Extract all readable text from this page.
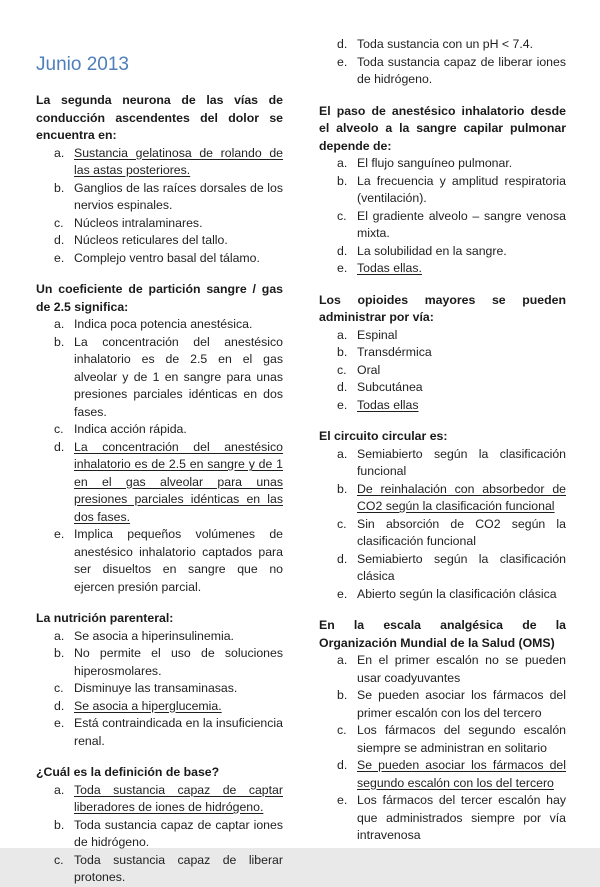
Junio 2013

La segunda neurona de las vías de conducción ascendentes del dolor se encuentra en:

a. Sustancia gelatinosa de rolando de las astas posteriores.
b. Ganglios de las raíces dorsales de los nervios espinales.
c. Núcleos intralaminares.
d. Núcleos reticulares del tallo.
e. Complejo ventro basal del tálamo.

Un coeficiente de partición sangre / gas de 2.5 significa:

a. Indica poca potencia anestésica.
b. La concentración del anestésico inhalatorio es de 2.5 en el gas alveolar y de 1 en sangre para unas presiones parciales idénticas en dos fases.
c. Indica acción rápida.
d. La concentración del anestésico inhalatorio es de 2.5 en sangre y de 1 en el gas alveolar para unas presiones parciales idénticas en las dos fases.
e. Implica pequeños volúmenes de anestésico inhalatorio captados para ser disueltos en sangre que no ejercen presión parcial.

La nutrición parenteral:

a. Se asocia a hiperinsulinemia.
b. No permite el uso de soluciones hiperosmolares.
c. Disminuye las transaminasas.
d. Se asocia a hiperglucemia.
e. Está contraindicada en la insuficiencia renal.

¿Cuál es la definición de base?

a. Toda sustancia capaz de captar liberadores de iones de hidrógeno.
b. Toda sustancia capaz de captar iones de hidrógeno.
c. Toda sustancia capaz de liberar protones.
d. Toda sustancia con un pH < 7.4.
e. Toda sustancia capaz de liberar iones de hidrógeno.

El paso de anestésico inhalatorio desde el alveolo a la sangre capilar pulmonar depende de:

a. El flujo sanguíneo pulmonar.
b. La frecuencia y amplitud respiratoria (ventilación).
c. El gradiente alveolo – sangre venosa mixta.
d. La solubilidad en la sangre.
e. Todas ellas.

Los opioides mayores se pueden administrar por vía:

a. Espinal
b. Transdérmica
c. Oral
d. Subcutánea
e. Todas ellas

El circuito circular es:

a. Semiabierto según la clasificación funcional
b. De reinhalación con absorbedor de CO2 según la clasificación funcional
c. Sin absorción de CO2 según la clasificación funcional
d. Semiabierto según la clasificación clásica
e. Abierto según la clasificación clásica

En la escala analgésica de la Organización Mundial de la Salud (OMS)

a. En el primer escalón no se pueden usar coadyuvantes
b. Se pueden asociar los fármacos del primer escalón con los del tercero
c. Los fármacos del segundo escalón siempre se administran en solitario
d. Se pueden asociar los fármacos del segundo escalón con los del tercero
e. Los fármacos del tercer escalón hay que administrados siempre por vía intravenosa
